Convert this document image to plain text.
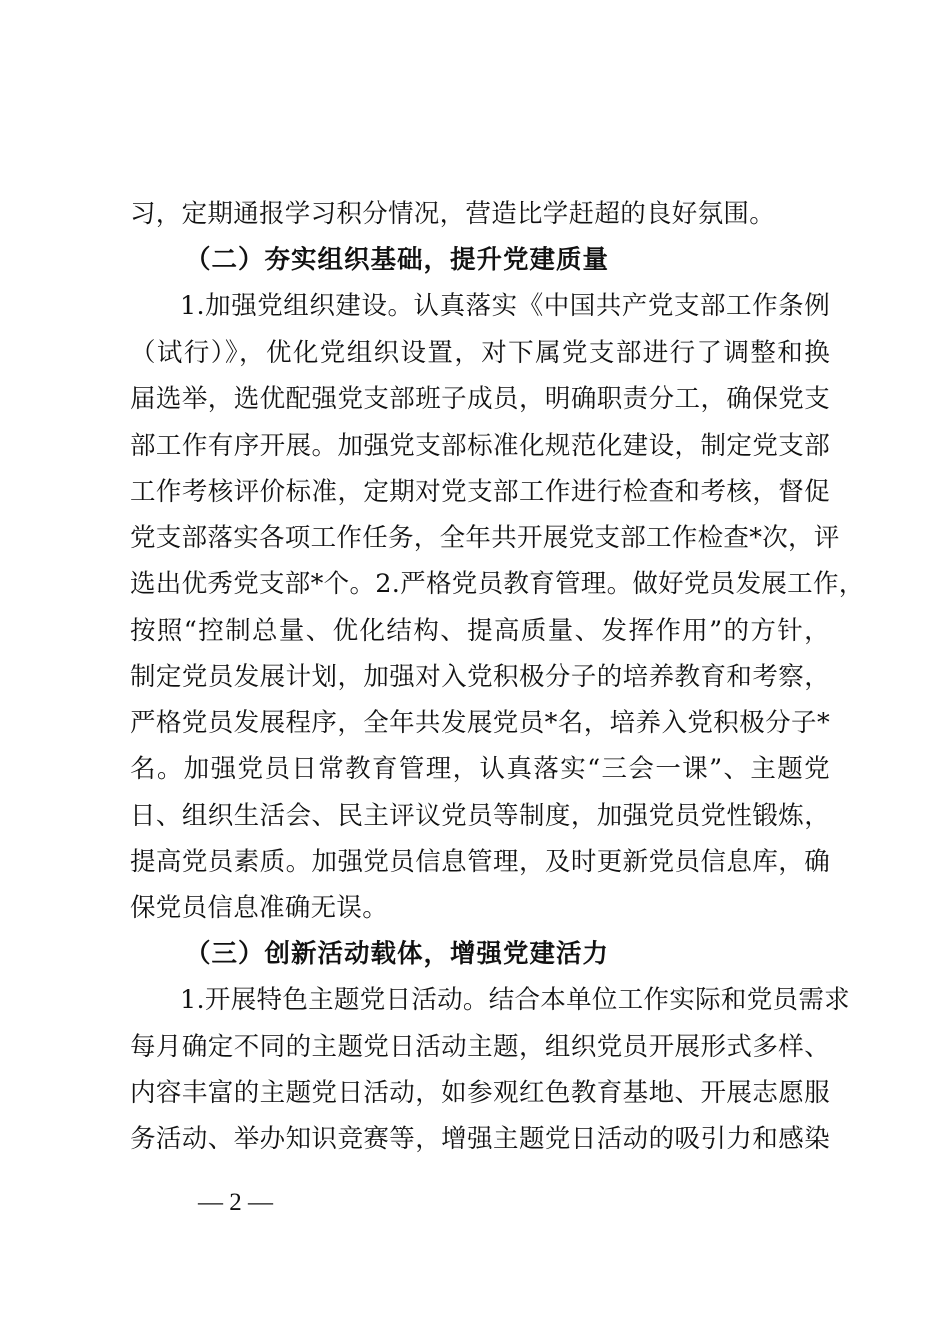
习，定期通报学习积分情况，营造比学赶超的良好氛围。
（二）夯实组织基础，提升党建质量
1.加强党组织建设。认真落实《中国共产党支部工作条例
（试行）》，优化党组织设置，对下属党支部进行了调整和换
届选举，选优配强党支部班子成员，明确职责分工，确保党支
部工作有序开展。加强党支部标准化规范化建设，制定党支部
工作考核评价标准，定期对党支部工作进行检查和考核，督促
党支部落实各项工作任务，全年共开展党支部工作检查*次，评
选出优秀党支部*个。2.严格党员教育管理。做好党员发展工作，
按照“控制总量、优化结构、提高质量、发挥作用”的方针，
制定党员发展计划，加强对入党积极分子的培养教育和考察，
严格党员发展程序，全年共发展党员*名，培养入党积极分子*
名。加强党员日常教育管理，认真落实“三会一课”、主题党
日、组织生活会、民主评议党员等制度，加强党员党性锻炼，
提高党员素质。加强党员信息管理，及时更新党员信息库，确
保党员信息准确无误。
（三）创新活动载体，增强党建活力
1.开展特色主题党日活动。结合本单位工作实际和党员需求
每月确定不同的主题党日活动主题，组织党员开展形式多样、
内容丰富的主题党日活动，如参观红色教育基地、开展志愿服
务活动、举办知识竞赛等，增强主题党日活动的吸引力和感染
— 2 —
